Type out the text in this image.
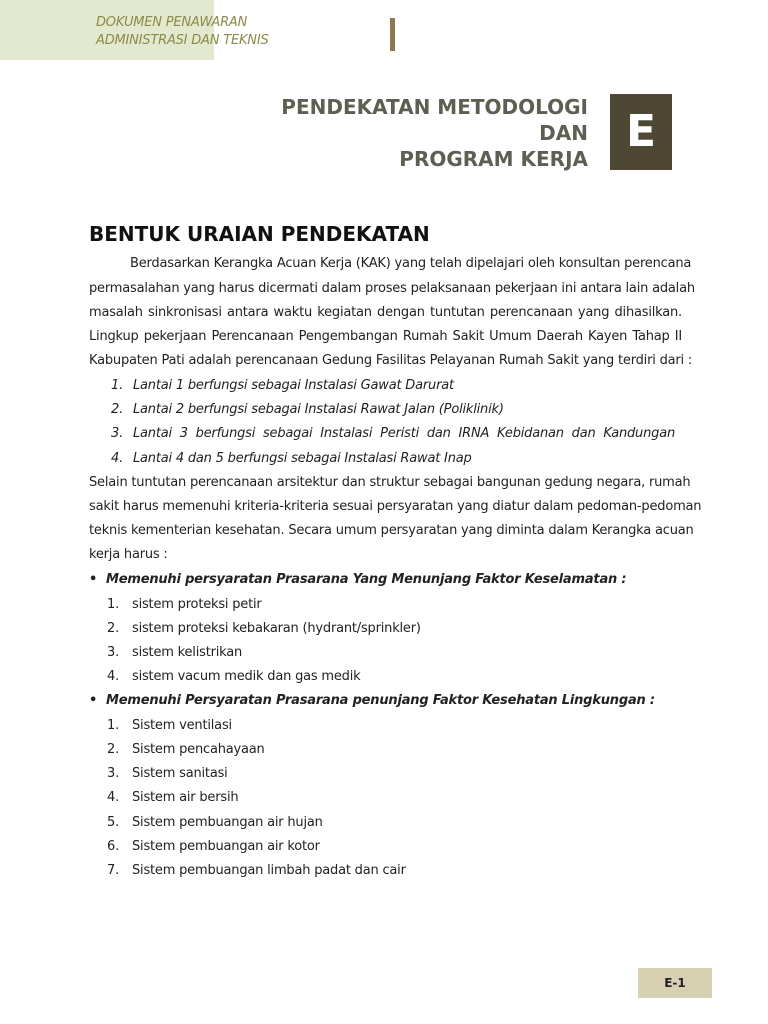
DOKUMEN PENAWARAN
ADMINISTRASI DAN TEKNIS
PENDEKATAN METODOLOGI
DAN
PROGRAM KERJA
E
BENTUK URAIAN PENDEKATAN
Berdasarkan Kerangka Acuan Kerja (KAK) yang telah dipelajari oleh konsultan perencana
permasalahan yang harus dicermati dalam proses pelaksanaan pekerjaan ini antara lain adalah
masalah sinkronisasi antara waktu kegiatan dengan tuntutan perencanaan yang dihasilkan.
Lingkup pekerjaan Perencanaan Pengembangan Rumah Sakit Umum Daerah Kayen Tahap II
Kabupaten Pati adalah perencanaan Gedung Fasilitas Pelayanan Rumah Sakit yang terdiri dari :
1. Lantai 1 berfungsi sebagai Instalasi Gawat Darurat
2. Lantai 2 berfungsi sebagai Instalasi Rawat Jalan (Poliklinik)
3. Lantai 3 berfungsi sebagai Instalasi Peristi dan IRNA Kebidanan dan Kandungan
4. Lantai 4 dan 5 berfungsi sebagai Instalasi Rawat Inap
Selain tuntutan perencanaan arsitektur dan struktur sebagai bangunan gedung negara, rumah
sakit harus memenuhi kriteria-kriteria sesuai persyaratan yang diatur dalam pedoman-pedoman
teknis kementerian kesehatan. Secara umum persyaratan yang diminta dalam Kerangka acuan
kerja harus :
• Memenuhi persyaratan Prasarana Yang Menunjang Faktor Keselamatan :
1. sistem proteksi petir
2. sistem proteksi kebakaran (hydrant/sprinkler)
3. sistem kelistrikan
4. sistem vacum medik dan gas medik
• Memenuhi Persyaratan Prasarana penunjang Faktor Kesehatan Lingkungan :
1. Sistem ventilasi
2. Sistem pencahayaan
3. Sistem sanitasi
4. Sistem air bersih
5. Sistem pembuangan air hujan
6. Sistem pembuangan air kotor
7. Sistem pembuangan limbah padat dan cair
E-1
